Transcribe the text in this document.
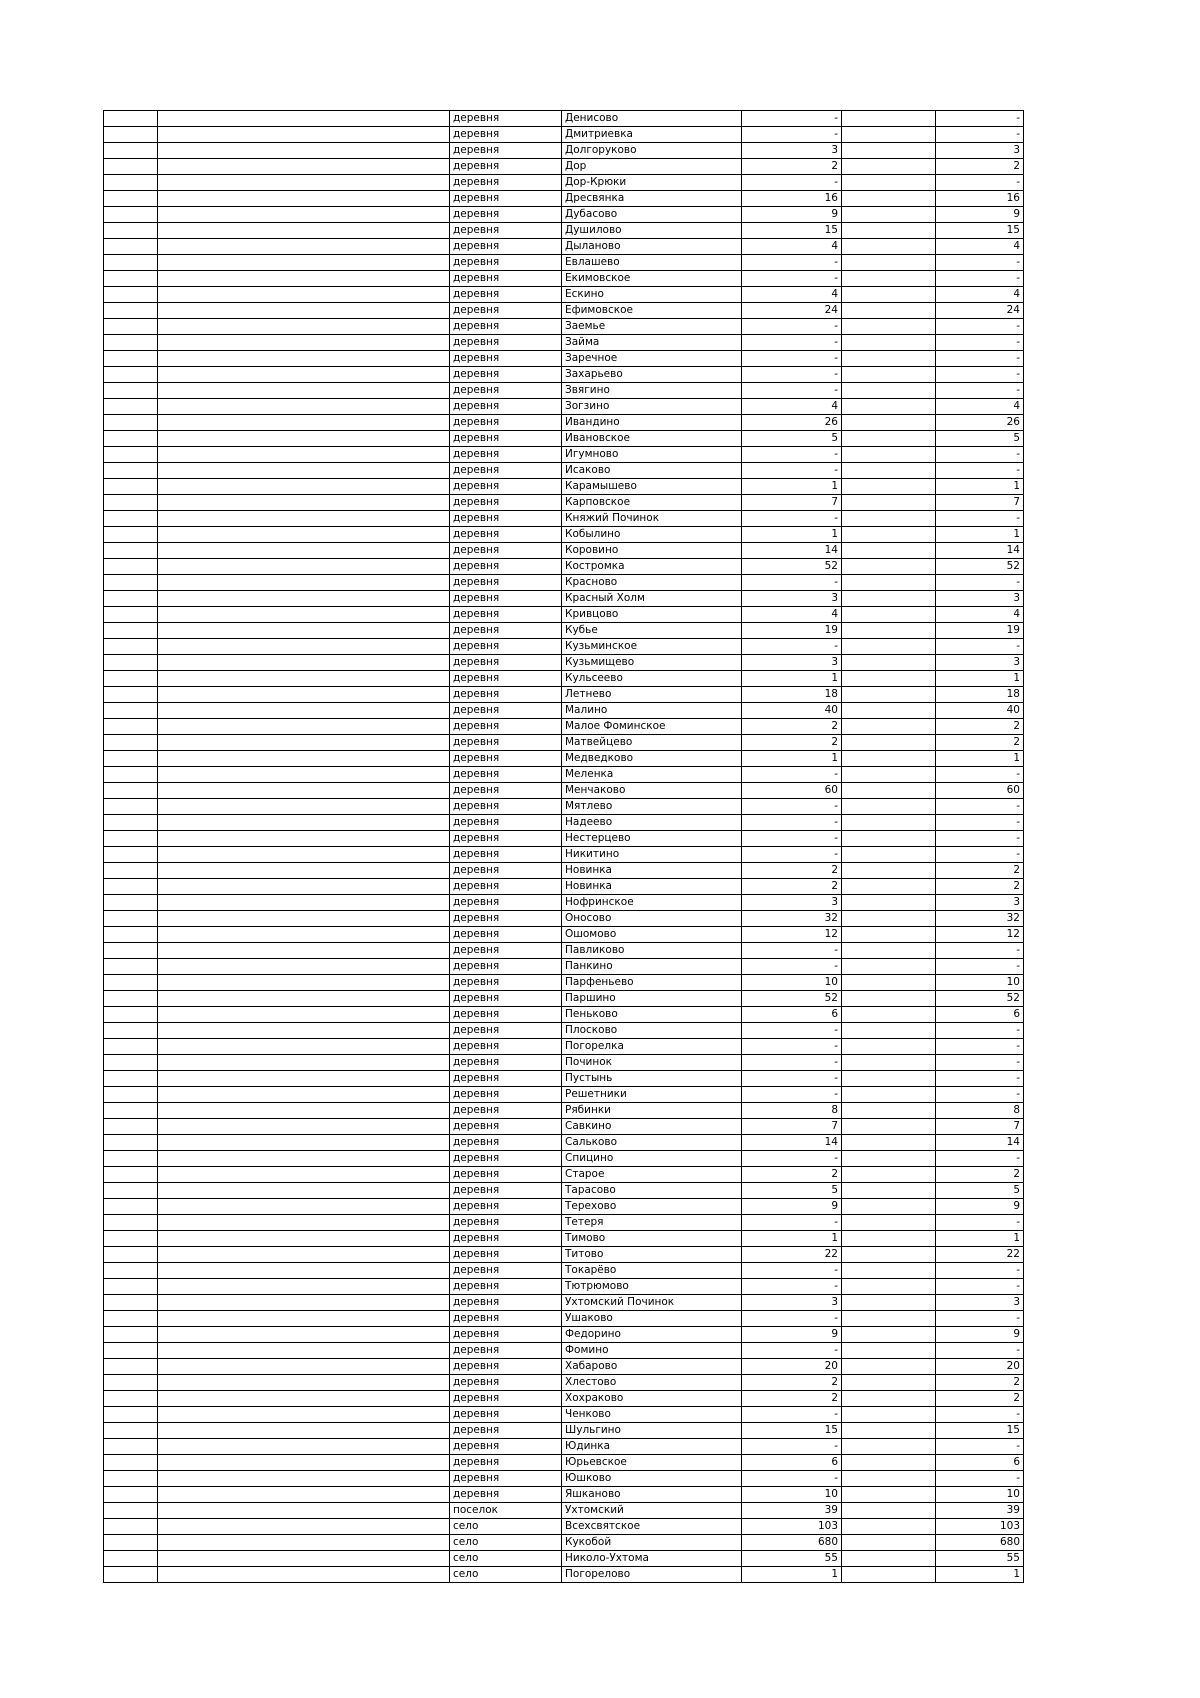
		деревня	Денисово	-		-
		деревня	Дмитриевка	-		-
		деревня	Долгоруково	3		3
		деревня	Дор	2		2
		деревня	Дор-Крюки	-		-
		деревня	Дресвянка	16		16
		деревня	Дубасово	9		9
		деревня	Душилово	15		15
		деревня	Дыланово	4		4
		деревня	Евлашево	-		-
		деревня	Екимовское	-		-
		деревня	Ескино	4		4
		деревня	Ефимовское	24		24
		деревня	Заемье	-		-
		деревня	Займа	-		-
		деревня	Заречное	-		-
		деревня	Захарьево	-		-
		деревня	Звягино	-		-
		деревня	Зогзино	4		4
		деревня	Ивандино	26		26
		деревня	Ивановское	5		5
		деревня	Игумново	-		-
		деревня	Исаково	-		-
		деревня	Карамышево	1		1
		деревня	Карповское	7		7
		деревня	Княжий Починок	-		-
		деревня	Кобылино	1		1
		деревня	Коровино	14		14
		деревня	Костромка	52		52
		деревня	Красново	-		-
		деревня	Красный Холм	3		3
		деревня	Кривцово	4		4
		деревня	Кубье	19		19
		деревня	Кузьминское	-		-
		деревня	Кузьмищево	3		3
		деревня	Кульсеево	1		1
		деревня	Летнево	18		18
		деревня	Малино	40		40
		деревня	Малое Фоминское	2		2
		деревня	Матвейцево	2		2
		деревня	Медведково	1		1
		деревня	Меленка	-		-
		деревня	Менчаково	60		60
		деревня	Мятлево	-		-
		деревня	Надеево	-		-
		деревня	Нестерцево	-		-
		деревня	Никитино	-		-
		деревня	Новинка	2		2
		деревня	Новинка	2		2
		деревня	Нофринское	3		3
		деревня	Оносово	32		32
		деревня	Ошомово	12		12
		деревня	Павликово	-		-
		деревня	Панкино	-		-
		деревня	Парфеньево	10		10
		деревня	Паршино	52		52
		деревня	Пеньково	6		6
		деревня	Плосково	-		-
		деревня	Погорелка	-		-
		деревня	Починок	-		-
		деревня	Пустынь	-		-
		деревня	Решетники	-		-
		деревня	Рябинки	8		8
		деревня	Савкино	7		7
		деревня	Сальково	14		14
		деревня	Спицино	-		-
		деревня	Старое	2		2
		деревня	Тарасово	5		5
		деревня	Терехово	9		9
		деревня	Тетеря	-		-
		деревня	Тимово	1		1
		деревня	Титово	22		22
		деревня	Токарёво	-		-
		деревня	Тютрюмово	-		-
		деревня	Ухтомский Починок	3		3
		деревня	Ушаково	-		-
		деревня	Федорино	9		9
		деревня	Фомино	-		-
		деревня	Хабарово	20		20
		деревня	Хлестово	2		2
		деревня	Хохраково	2		2
		деревня	Ченково	-		-
		деревня	Шульгино	15		15
		деревня	Юдинка	-		-
		деревня	Юрьевское	6		6
		деревня	Юшково	-		-
		деревня	Яшканово	10		10
		поселок	Ухтомский	39		39
		село	Всехсвятское	103		103
		село	Кукобой	680		680
		село	Николо-Ухтома	55		55
		село	Погорелово	1		1
